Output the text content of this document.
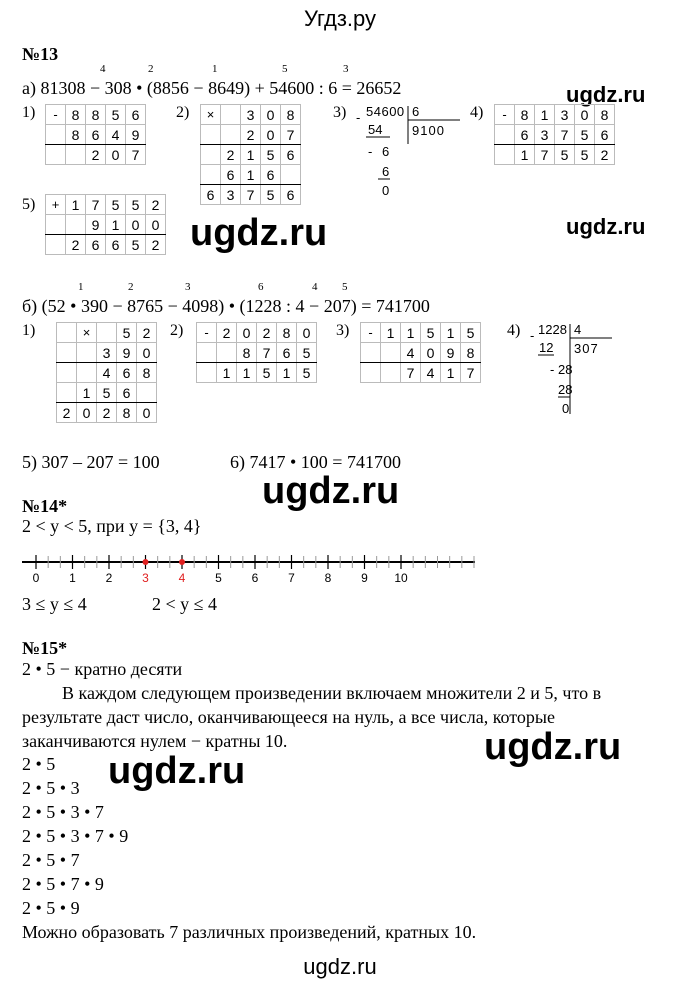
Угдз.ру
№13
4	2	1	5	3
а) 81308 − 308 • (8856 − 8649) + 54600 : 6 = 26652	ugdz.ru
1) -	8	8	5	6
	8	6	4	9
		2	0	7
2) ×		3	0	8
		2	0	7
	2	1	5	6
	6	1	6	
6	3	7	5	6
3) - 54600 6
9100
54
- 6
6
0
4) -	8	1	3	0	8
	6	3	7	5	6
	1	7	5	5	2
5) +	1	7	5	5	2
		9	1	0	0
	2	6	6	5	2 ugdz.ru	ugdz.ru
1	2	3	6	4 5
б) (52 • 390 − 8765 − 4098) • (1228 : 4 − 207) = 741700
1)
		×		5	2
		3	9	0
		4	6	8
	1	5	6	
2	0	2	8	0
2) -	2	0	2	8	0
		8	7	6	5
	1	1	5	1	5
3) -	1	1	5	1	5
		4	0	9	8
		7	4	1	7
4) - 1228 4
307
12
- 28
28
0
5) 307 – 207 = 100	6) 7417 • 100 = 741700
ugdz.ru
№14*
2 < y < 5, при y = {3, 4}
0 1 2 3 4 5 6 7 8 9 10
3 ≤ y ≤ 4	2 < y ≤ 4
№15*
2 • 5 − кратно десяти
В каждом следующем произведении включаем множители 2 и 5, что в
результате даст число, оканчивающееся на нуль, а все числа, которые
заканчиваются нулем − кратны 10.	ugdz.ru
2 • 5 ugdz.ru
2 • 5 • 3
2 • 5 • 3 • 7
2 • 5 • 3 • 7 • 9
2 • 5 • 7
2 • 5 • 7 • 9
2 • 5 • 9
Можно образовать 7 различных произведений, кратных 10.
ugdz.ru
